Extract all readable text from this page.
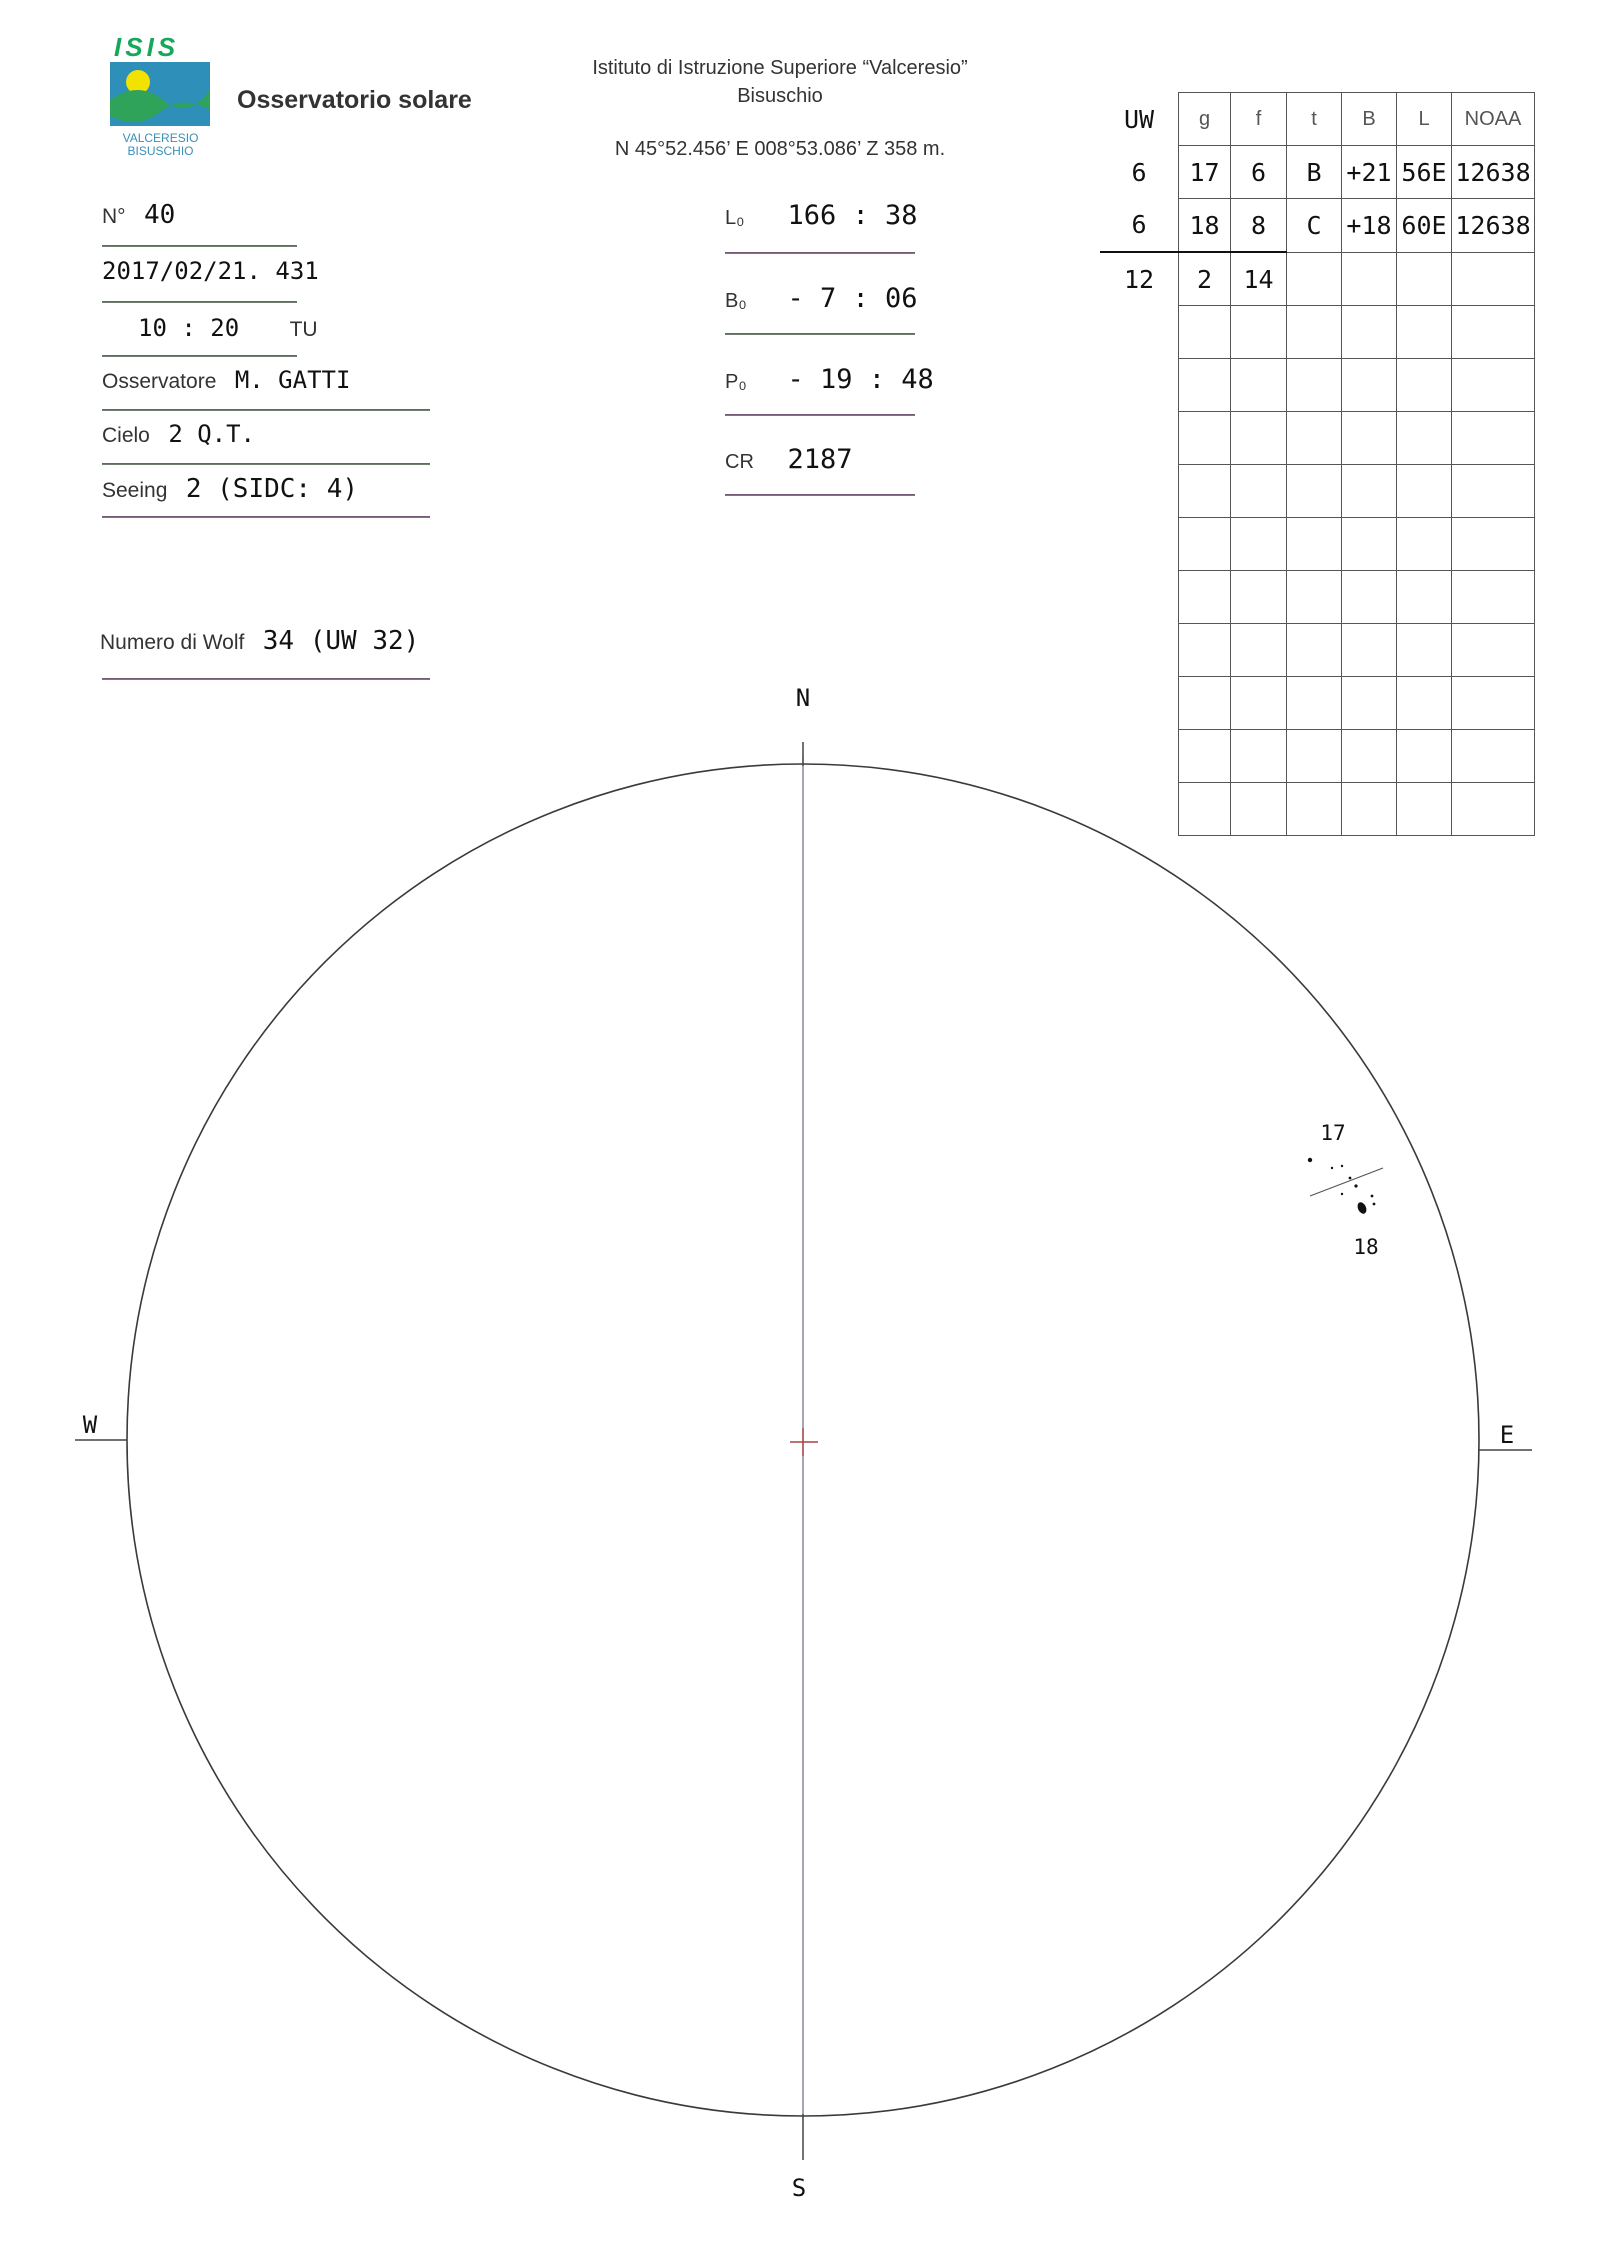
ISIS
VALCERESIO
BISUSCHIO
Osservatorio solare
Istituto di Istruzione Superiore “Valceresio”
Bisuschio
N 45°52.456’ E 008°53.086’ Z 358 m.
N° 40
2017/02/21. 431
10 : 20 TU
Osservatore M. GATTI
Cielo 2 Q.T.
Seeing 2 (SIDC: 4)
Numero di Wolf 34 (UW 32)
L₀ 166 : 38
B₀ - 7 : 06
P₀ - 19 : 48
CR 2187
UW	g	f	t	B	L	NOAA
6	17	6	B	+21	56E	12638
6	18	8	C	+18	60E	12638
12	2	14				

N
S
W	E
17
18
